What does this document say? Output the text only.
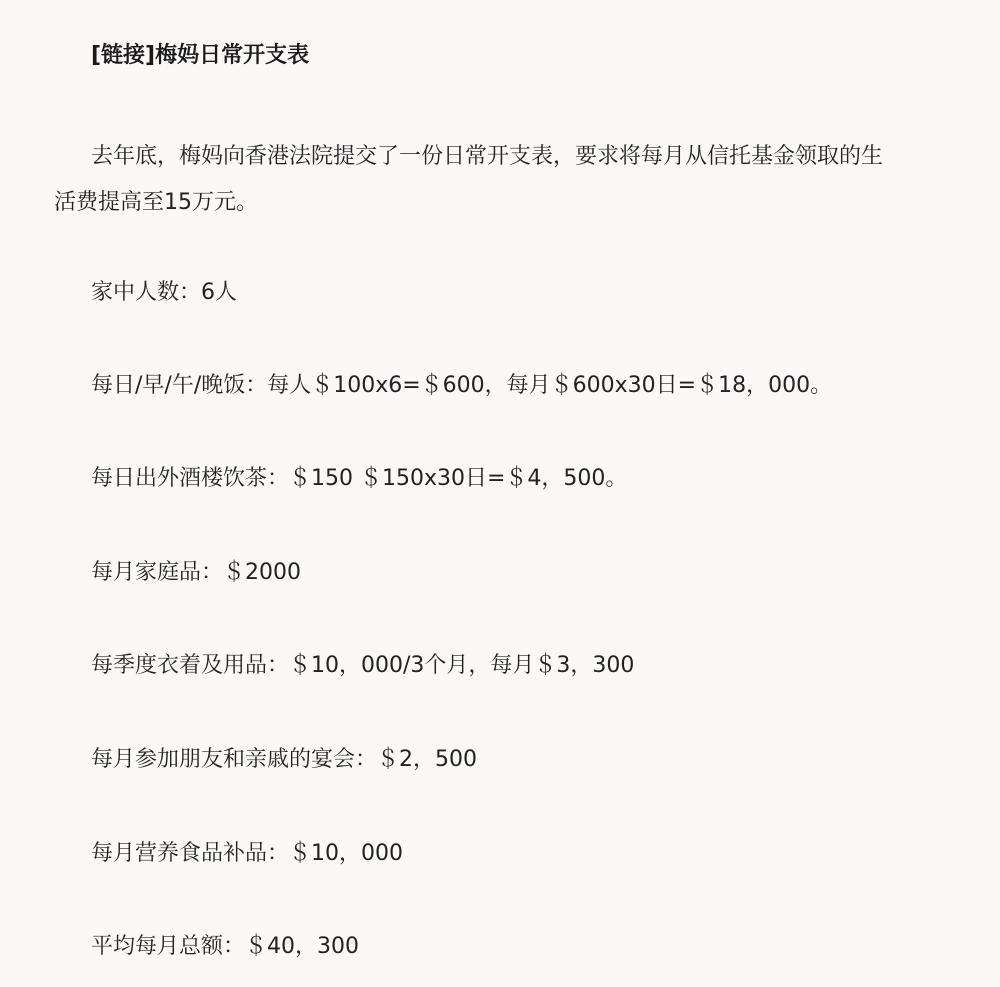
[链接]梅妈日常开支表
去年底，梅妈向香港法院提交了一份日常开支表，要求将每月从信托基金领取的生
活费提高至15万元。
家中人数：6人
每日/早/午/晚饭：每人＄100x6=＄600，每月＄600x30日=＄18，000。
每日出外酒楼饮茶：＄150 ＄150x30日=＄4，500。
每月家庭品：＄2000
每季度衣着及用品：＄10，000/3个月，每月＄3，300
每月参加朋友和亲戚的宴会：＄2，500
每月营养食品补品：＄10，000
平均每月总额：＄40，300
